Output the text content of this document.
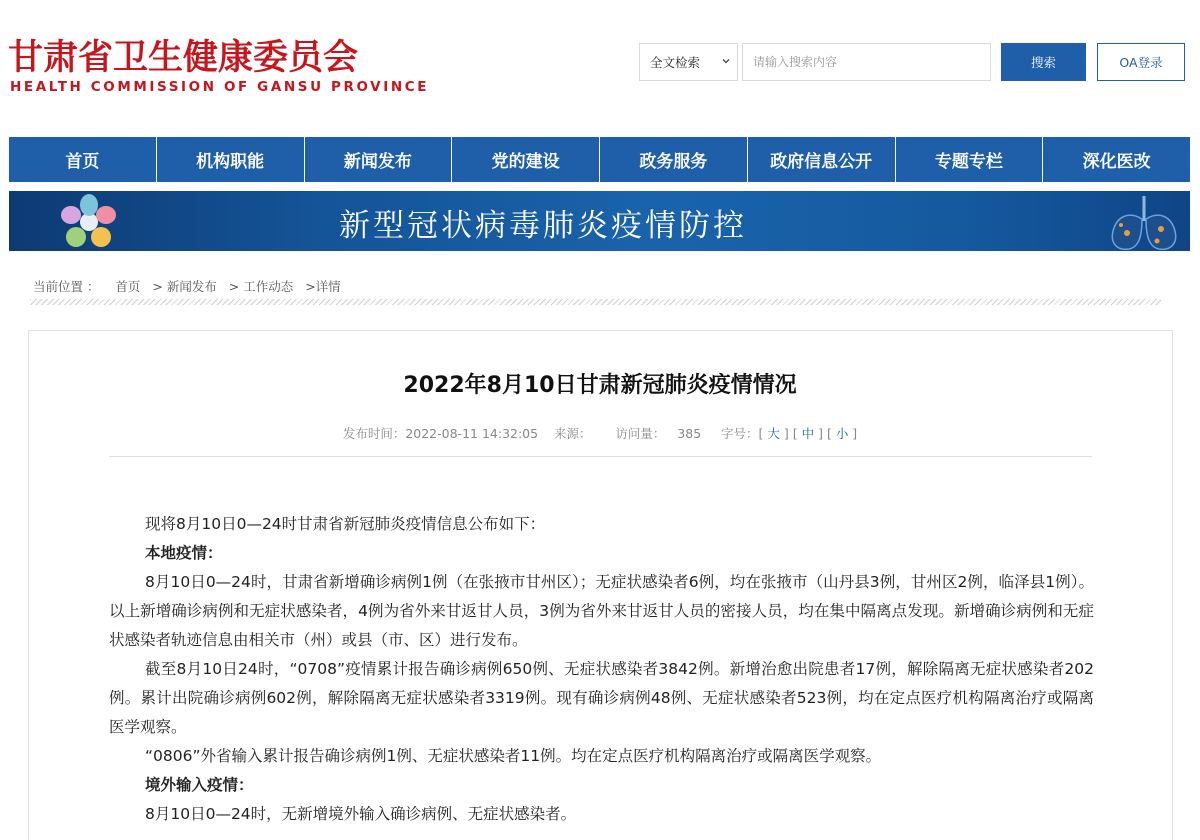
甘肃省卫生健康委员会
HEALTH COMMISSION OF GANSU PROVINCE
全文检索
请输入搜索内容	搜索	OA登录
首页	机构职能	新闻发布	党的建设	政务服务	政府信息公开	专题专栏	深化医改
新型冠状病毒肺炎疫情防控
当前位置 ： 首页 > 新闻发布 > 工作动态 >详情
2022年8月10日甘肃新冠肺炎疫情情况
发布时间：2022-08-11 14:32:05 来源： 访问量： 385 字号：[ 大 ] [ 中 ] [ 小 ]

现将8月10日0—24时甘肃省新冠肺炎疫情信息公布如下：

本地疫情：

8月10日0—24时，甘肃省新增确诊病例1例（在张掖市甘州区）；无症状感染者6例，均在张掖市（山丹县3例，甘州区2例，临泽县1例）。以上新增确诊病例和无症状感染者，4例为省外来甘返甘人员，3例为省外来甘返甘人员的密接人员，均在集中隔离点发现。新增确诊病例和无症状感染者轨迹信息由相关市（州）或县（市、区）进行发布。

截至8月10日24时，“0708”疫情累计报告确诊病例650例、无症状感染者3842例。新增治愈出院患者17例，解除隔离无症状感染者202例。累计出院确诊病例602例，解除隔离无症状感染者3319例。现有确诊病例48例、无症状感染者523例，均在定点医疗机构隔离治疗或隔离医学观察。

“0806”外省输入累计报告确诊病例1例、无症状感染者11例。均在定点医疗机构隔离治疗或隔离医学观察。

境外输入疫情：

8月10日0—24时，无新增境外输入确诊病例、无症状感染者。
